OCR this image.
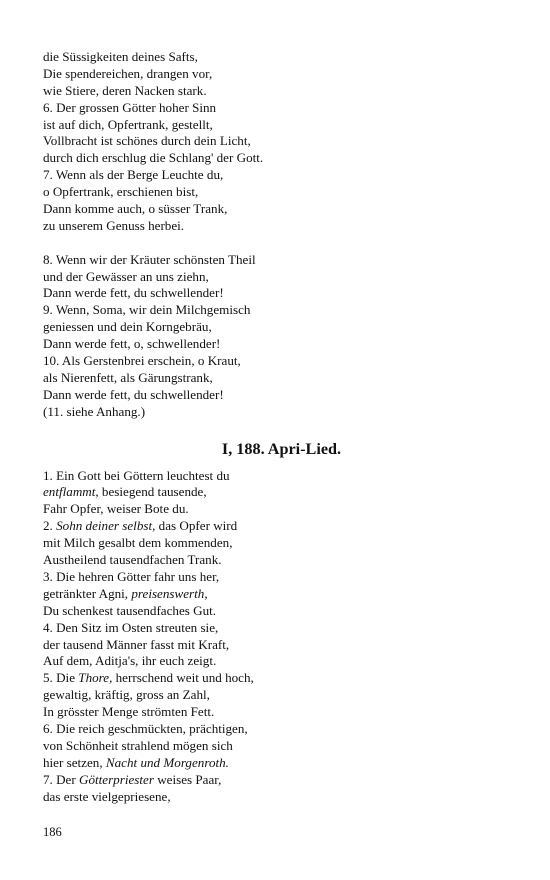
die Süssigkeiten deines Safts,
Die spendereichen, drangen vor,
wie Stiere, deren Nacken stark.
6. Der grossen Götter hoher Sinn
ist auf dich, Opfertrank, gestellt,
Vollbracht ist schönes durch dein Licht,
durch dich erschlug die Schlang' der Gott.
7. Wenn als der Berge Leuchte du,
o Opfertrank, erschienen bist,
Dann komme auch, o süsser Trank,
zu unserem Genuss herbei.
8. Wenn wir der Kräuter schönsten Theil
und der Gewässer an uns ziehn,
Dann werde fett, du schwellender!
9. Wenn, Soma, wir dein Milchgemisch
geniessen und dein Korngebräu,
Dann werde fett, o, schwellender!
10. Als Gerstenbrei erschein, o Kraut,
als Nierenfett, als Gärungstrank,
Dann werde fett, du schwellender!
(11. siehe Anhang.)
I, 188. Apri-Lied.
1. Ein Gott bei Göttern leuchtest du
entflammt, besiegend tausende,
Fahr Opfer, weiser Bote du.
2. Sohn deiner selbst, das Opfer wird
mit Milch gesalbt dem kommenden,
Austheilend tausendfachen Trank.
3. Die hehren Götter fahr uns her,
getränkter Agni, preisenswerth,
Du schenkest tausendfaches Gut.
4. Den Sitz im Osten streuten sie,
der tausend Männer fasst mit Kraft,
Auf dem, Aditja's, ihr euch zeigt.
5. Die Thore, herrschend weit und hoch,
gewaltig, kräftig, gross an Zahl,
In grösster Menge strömten Fett.
6. Die reich geschmückten, prächtigen,
von Schönheit strahlend mögen sich
hier setzen, Nacht und Morgenroth.
7. Der Götterpriester weises Paar,
das erste vielgepriesene,
186
